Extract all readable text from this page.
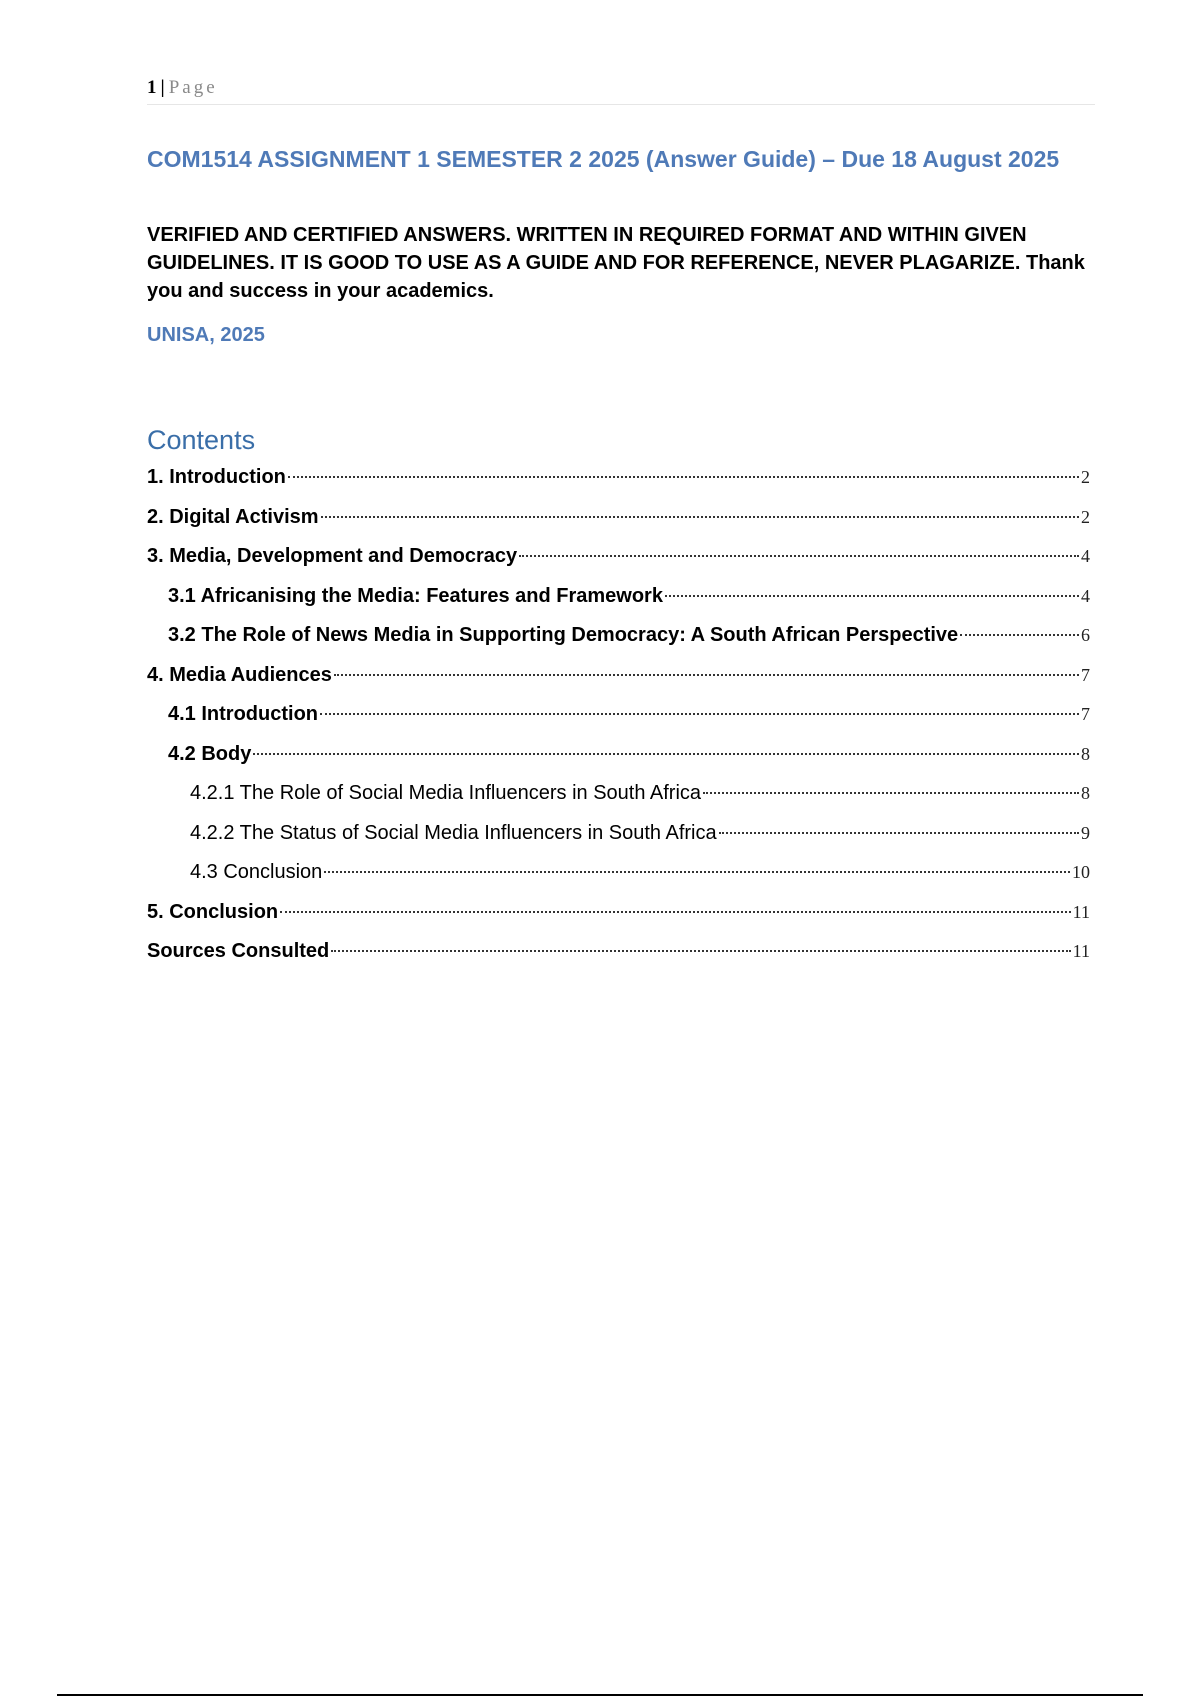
1 | Page
COM1514 ASSIGNMENT 1 SEMESTER 2 2025 (Answer Guide) – Due 18 August 2025

VERIFIED AND CERTIFIED ANSWERS. WRITTEN IN REQUIRED FORMAT AND WITHIN GIVEN GUIDELINES. IT IS GOOD TO USE AS A GUIDE AND FOR REFERENCE, NEVER PLAGARIZE. Thank you and success in your academics.

UNISA, 2025

Contents
1. Introduction	2
2. Digital Activism	2
3. Media, Development and Democracy	4
3.1 Africanising the Media: Features and Framework	4
3.2 The Role of News Media in Supporting Democracy: A South African Perspective	6
4. Media Audiences	7
4.1 Introduction	7
4.2 Body	8
4.2.1 The Role of Social Media Influencers in South Africa	8
4.2.2 The Status of Social Media Influencers in South Africa	9
4.3 Conclusion	10
5. Conclusion	11
Sources Consulted	11
